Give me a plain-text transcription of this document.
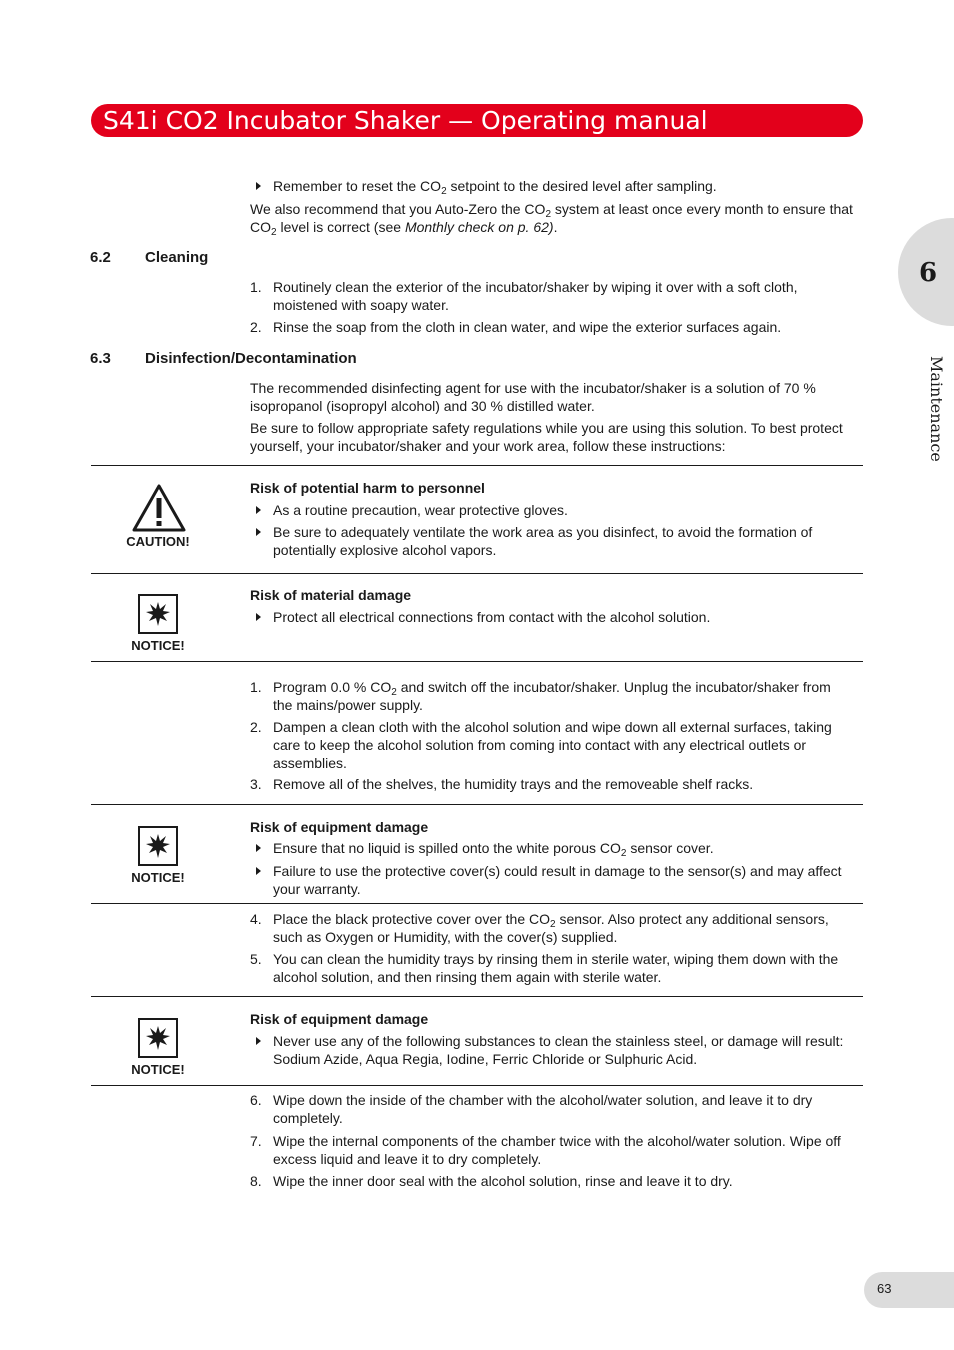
S41i CO2 Incubator Shaker — Operating manual
6
Maintenance
Remember to reset the $CO_2$ setpoint to the desired level after sampling.
We also recommend that you Auto-Zero the $CO_2$ system at least once every month to ensure that
$CO_2$ level is correct (see Monthly check on p. 62).
6.2 Cleaning
1. Routinely clean the exterior of the incubator/shaker by wiping it over with a soft cloth,
moistened with soapy water.
2. Rinse the soap from the cloth in clean water, and wipe the exterior surfaces again.
6.3 Disinfection/Decontamination
The recommended disinfecting agent for use with the incubator/shaker is a solution of 70 %
isopropanol (isopropyl alcohol) and 30 % distilled water.
Be sure to follow appropriate safety regulations while you are using this solution. To best protect
yourself, your incubator/shaker and your work area, follow these instructions:
CAUTION!
Risk of potential harm to personnel
As a routine precaution, wear protective gloves.
Be sure to adequately ventilate the work area as you disinfect, to avoid the formation of
potentially explosive alcohol vapors.
NOTICE!
Risk of material damage
Protect all electrical connections from contact with the alcohol solution.
1. Program 0.0 % $CO_2$ and switch off the incubator/shaker. Unplug the incubator/shaker from
the mains/power supply.
2. Dampen a clean cloth with the alcohol solution and wipe down all external surfaces, taking
care to keep the alcohol solution from coming into contact with any electrical outlets or
assemblies.
3. Remove all of the shelves, the humidity trays and the removeable shelf racks.
NOTICE!
Risk of equipment damage
Ensure that no liquid is spilled onto the white porous $CO_2$ sensor cover.
Failure to use the protective cover(s) could result in damage to the sensor(s) and may affect
your warranty.
4. Place the black protective cover over the $CO_2$ sensor. Also protect any additional sensors,
such as Oxygen or Humidity, with the cover(s) supplied.
5. You can clean the humidity trays by rinsing them in sterile water, wiping them down with the
alcohol solution, and then rinsing them again with sterile water.
NOTICE!
Risk of equipment damage
Never use any of the following substances to clean the stainless steel, or damage will result:
Sodium Azide, Aqua Regia, Iodine, Ferric Chloride or Sulphuric Acid.
6. Wipe down the inside of the chamber with the alcohol/water solution, and leave it to dry
completely.
7. Wipe the internal components of the chamber twice with the alcohol/water solution. Wipe off
excess liquid and leave it to dry completely.
8. Wipe the inner door seal with the alcohol solution, rinse and leave it to dry.
63
